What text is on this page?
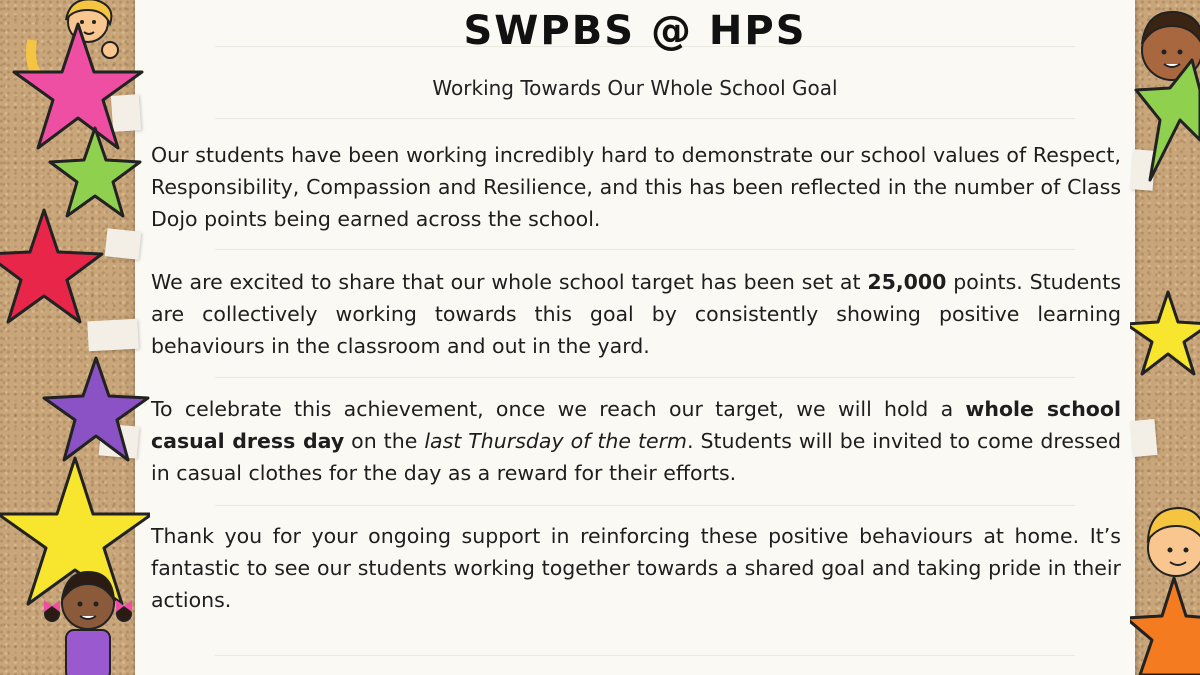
SWPBS @ HPS
Working Towards Our Whole School Goal

Our students have been working incredibly hard to demonstrate our school values of Respect, Responsibility, Compassion and Resilience, and this has been reflected in the number of Class Dojo points being earned across the school.

We are excited to share that our whole school target has been set at 25,000 points. Students are collectively working towards this goal by consistently showing positive learning behaviours in the classroom and out in the yard.

To celebrate this achievement, once we reach our target, we will hold a whole school casual dress day on the last Thursday of the term. Students will be invited to come dressed in casual clothes for the day as a reward for their efforts.

Thank you for your ongoing support in reinforcing these positive behaviours at home. It’s fantastic to see our students working together towards a shared goal and taking pride in their actions.
